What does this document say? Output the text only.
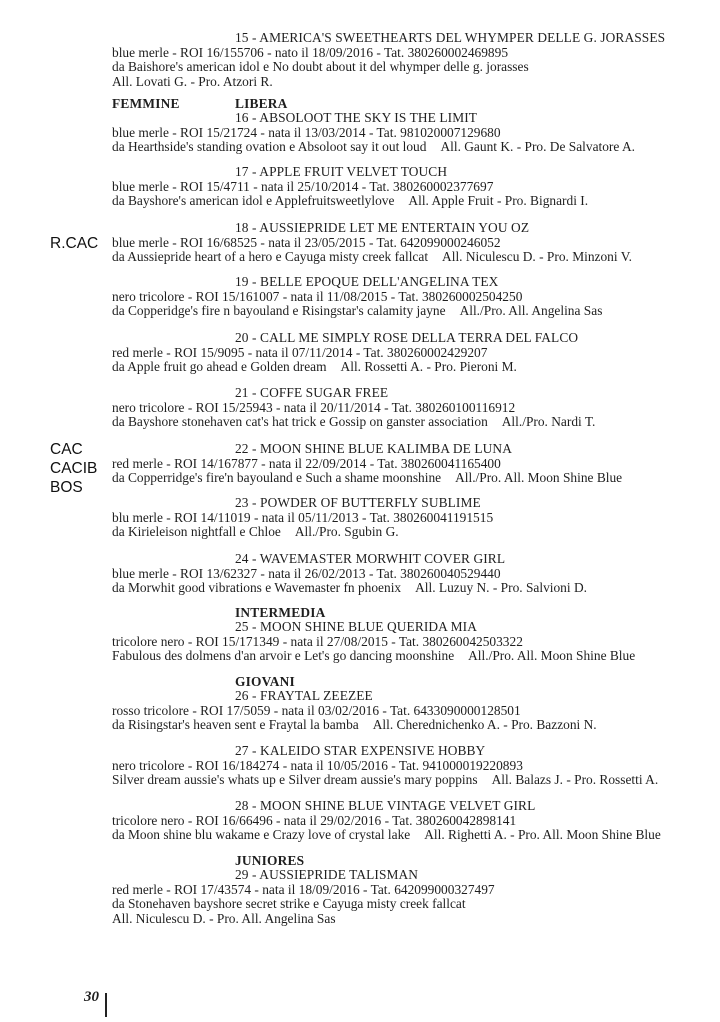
15 - AMERICA'S SWEETHEARTS DEL WHYMPER DELLE G. JORASSES
blue merle - ROI 16/155706 - nato il 18/09/2016 - Tat. 380260002469895
da Baishore's american idol e No doubt about it del whymper delle g. jorasses
All. Lovati G. - Pro. Atzori R.
FEMMINE	LIBERA
16 - ABSOLOOT THE SKY IS THE LIMIT
blue merle - ROI 15/21724 - nata il 13/03/2014 - Tat. 981020007129680
da Hearthside's standing ovation e Absoloot say it out loud All. Gaunt K. - Pro. De Salvatore A.
17 - APPLE FRUIT VELVET TOUCH
blue merle - ROI 15/4711 - nata il 25/10/2014 - Tat. 380260002377697
da Bayshore's american idol e Applefruitsweetlylove All. Apple Fruit - Pro. Bignardi I.
R.CAC
18 - AUSSIEPRIDE LET ME ENTERTAIN YOU OZ
blue merle - ROI 16/68525 - nata il 23/05/2015 - Tat. 642099000246052
da Aussiepride heart of a hero e Cayuga misty creek fallcat All. Niculescu D. - Pro. Minzoni V.
19 - BELLE EPOQUE DELL'ANGELINA TEX
nero tricolore - ROI 15/161007 - nata il 11/08/2015 - Tat. 380260002504250
da Copperidge's fire n bayouland e Risingstar's calamity jayne All./Pro. All. Angelina Sas
20 - CALL ME SIMPLY ROSE DELLA TERRA DEL FALCO
red merle - ROI 15/9095 - nata il 07/11/2014 - Tat. 380260002429207
da Apple fruit go ahead e Golden dream All. Rossetti A. - Pro. Pieroni M.
21 - COFFE SUGAR FREE
nero tricolore - ROI 15/25943 - nata il 20/11/2014 - Tat. 380260100116912
da Bayshore stonehaven cat's hat trick e Gossip on ganster association All./Pro. Nardi T.
CAC
CACIB
BOS
22 - MOON SHINE BLUE KALIMBA DE LUNA
red merle - ROI 14/167877 - nata il 22/09/2014 - Tat. 380260041165400
da Copperridge's fire'n bayouland e Such a shame moonshine All./Pro. All. Moon Shine Blue
23 - POWDER OF BUTTERFLY SUBLIME
blu merle - ROI 14/11019 - nata il 05/11/2013 - Tat. 380260041191515
da Kirieleison nightfall e Chloe All./Pro. Sgubin G.
24 - WAVEMASTER MORWHIT COVER GIRL
blue merle - ROI 13/62327 - nata il 26/02/2013 - Tat. 380260040529440
da Morwhit good vibrations e Wavemaster fn phoenix All. Luzuy N. - Pro. Salvioni D.
INTERMEDIA
25 - MOON SHINE BLUE QUERIDA MIA
tricolore nero - ROI 15/171349 - nata il 27/08/2015 - Tat. 380260042503322
Fabulous des dolmens d'an arvoir e Let's go dancing moonshine All./Pro. All. Moon Shine Blue
GIOVANI
26 - FRAYTAL ZEEZEE
rosso tricolore - ROI 17/5059 - nata il 03/02/2016 - Tat. 6433090000128501
da Risingstar's heaven sent e Fraytal la bamba All. Cherednichenko A. - Pro. Bazzoni N.
27 - KALEIDO STAR EXPENSIVE HOBBY
nero tricolore - ROI 16/184274 - nata il 10/05/2016 - Tat. 941000019220893
Silver dream aussie's whats up e Silver dream aussie's mary poppins All. Balazs J. - Pro. Rossetti A.
28 - MOON SHINE BLUE VINTAGE VELVET GIRL
tricolore nero - ROI 16/66496 - nata il 29/02/2016 - Tat. 380260042898141
da Moon shine blu wakame e Crazy love of crystal lake All. Righetti A. - Pro. All. Moon Shine Blue
JUNIORES
29 - AUSSIEPRIDE TALISMAN
red merle - ROI 17/43574 - nata il 18/09/2016 - Tat. 642099000327497
da Stonehaven bayshore secret strike e Cayuga misty creek fallcat
All. Niculescu D. - Pro. All. Angelina Sas
30
